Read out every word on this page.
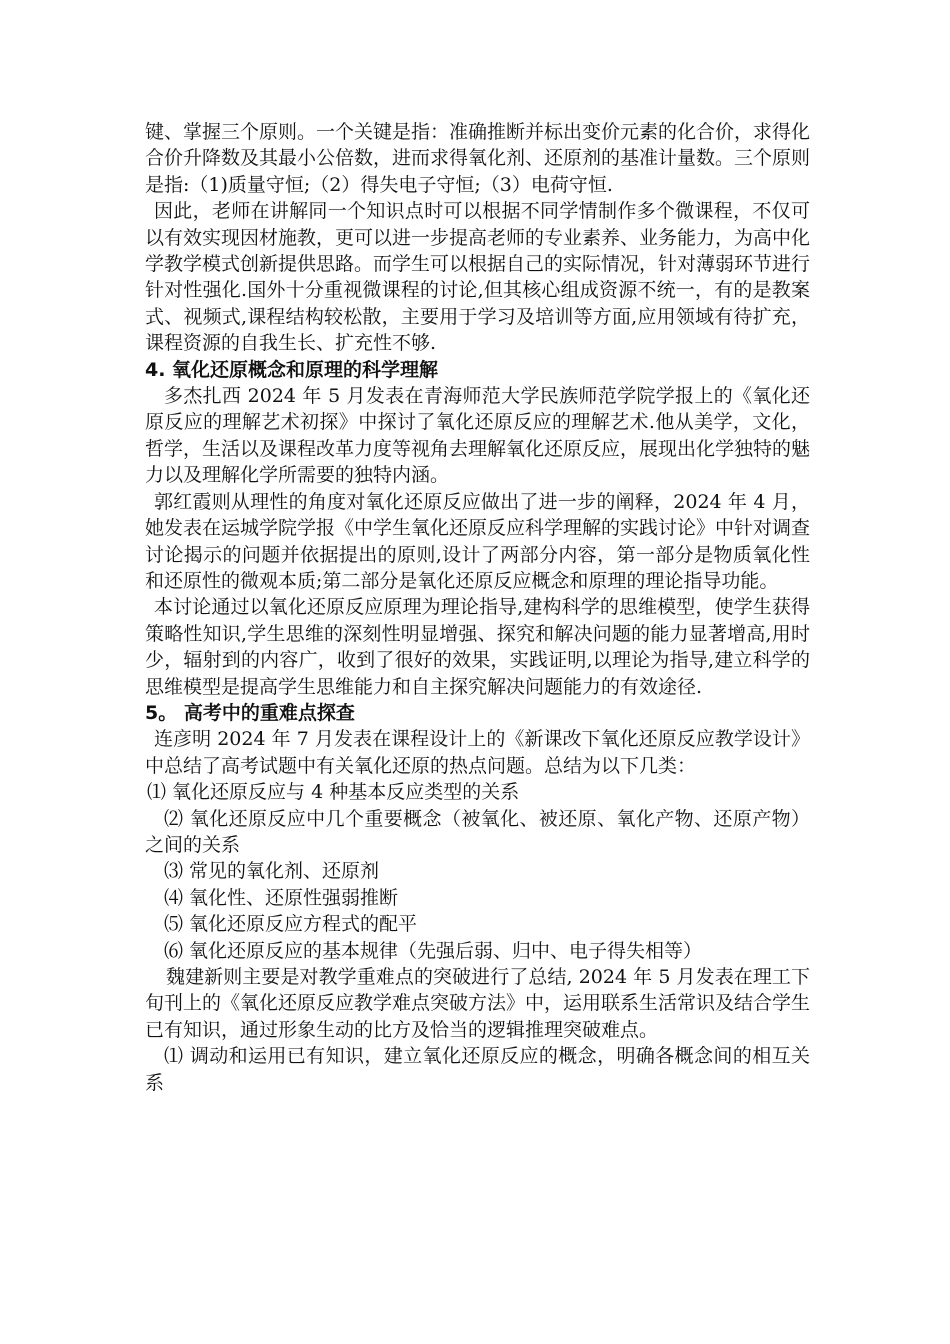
键、掌握三个原则。一个关键是指：准确推断并标出变价元素的化合价，求得化合价升降数及其最小公倍数，进而求得氧化剂、还原剂的基准计量数。三个原则是指:（1)质量守恒;（2）得失电子守恒;（3）电荷守恒.

因此，老师在讲解同一个知识点时可以根据不同学情制作多个微课程，不仅可以有效实现因材施教，更可以进一步提高老师的专业素养、业务能力，为高中化学教学模式创新提供思路。而学生可以根据自己的实际情况，针对薄弱环节进行针对性强化.国外十分重视微课程的讨论,但其核心组成资源不统一，有的是教案式、视频式,课程结构较松散，主要用于学习及培训等方面,应用领域有待扩充，课程资源的自我生长、扩充性不够.

4. 氧化还原概念和原理的科学理解

多杰扎西 2024 年 5 月发表在青海师范大学民族师范学院学报上的《氧化还原反应的理解艺术初探》中探讨了氧化还原反应的理解艺术.他从美学，文化，哲学，生活以及课程改革力度等视角去理解氧化还原反应，展现出化学独特的魅力以及理解化学所需要的独特内涵。

郭红霞则从理性的角度对氧化还原反应做出了进一步的阐释，2024 年 4 月，她发表在运城学院学报《中学生氧化还原反应科学理解的实践讨论》中针对调查讨论揭示的问题并依据提出的原则,设计了两部分内容，第一部分是物质氧化性和还原性的微观本质;第二部分是氧化还原反应概念和原理的理论指导功能。

本讨论通过以氧化还原反应原理为理论指导,建构科学的思维模型，使学生获得策略性知识,学生思维的深刻性明显增强、探究和解决问题的能力显著增高,用时少，辐射到的内容广，收到了很好的效果，实践证明,以理论为指导,建立科学的思维模型是提高学生思维能力和自主探究解决问题能力的有效途径.

5。 高考中的重难点探查

连彦明 2024 年 7 月发表在课程设计上的《新课改下氧化还原反应教学设计》中总结了高考试题中有关氧化还原的热点问题。总结为以下几类：

⑴ 氧化还原反应与 4 种基本反应类型的关系

⑵ 氧化还原反应中几个重要概念（被氧化、被还原、氧化产物、还原产物）之间的关系

⑶ 常见的氧化剂、还原剂

⑷ 氧化性、还原性强弱推断

⑸ 氧化还原反应方程式的配平

⑹ 氧化还原反应的基本规律（先强后弱、归中、电子得失相等）

魏建新则主要是对教学重难点的突破进行了总结, 2024 年 5 月发表在理工下旬刊上的《氧化还原反应教学难点突破方法》中，运用联系生活常识及结合学生已有知识，通过形象生动的比方及恰当的逻辑推理突破难点。

⑴ 调动和运用已有知识，建立氧化还原反应的概念，明确各概念间的相互关系
